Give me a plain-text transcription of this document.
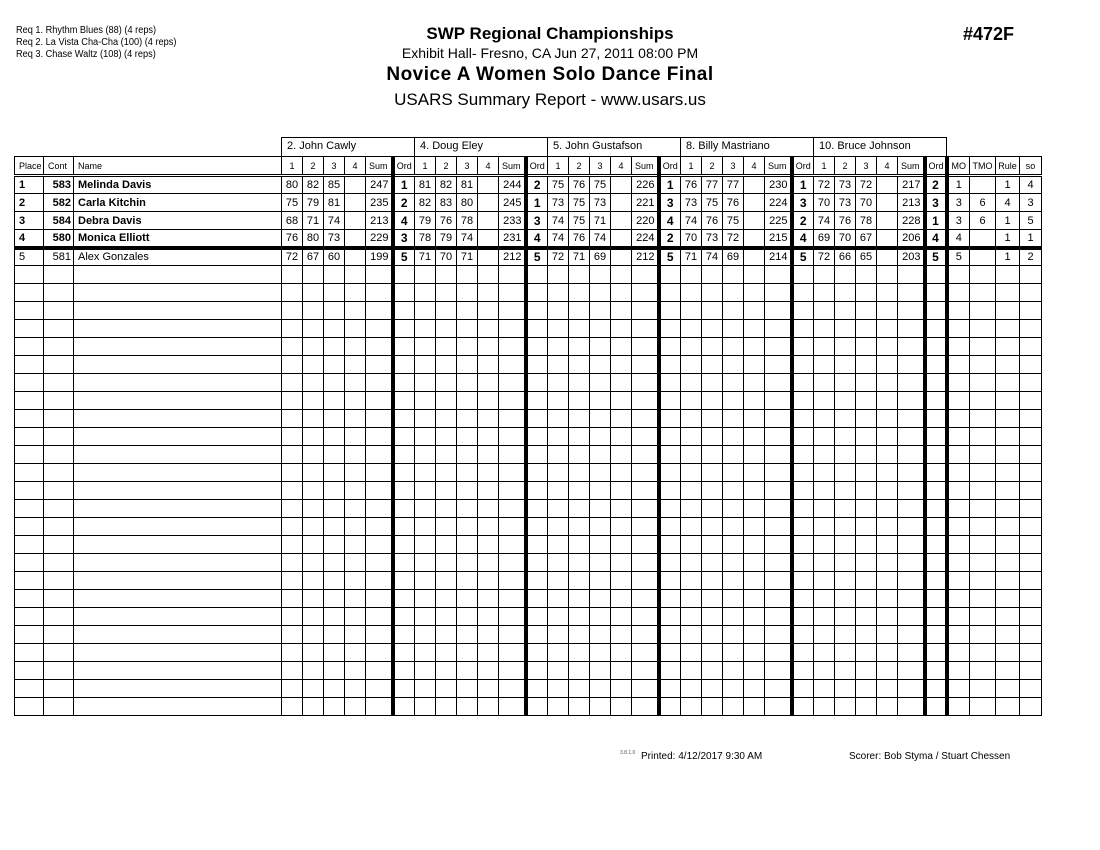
Req 1. Rhythm Blues (88) (4 reps)
Req 2. La Vista Cha-Cha (100) (4 reps)
Req 3. Chase Waltz (108) (4 reps)
SWP Regional Championships
Exhibit Hall- Fresno, CA Jun 27, 2011 08:00 PM
Novice A Women Solo Dance Final
USARS Summary Report - www.usars.us
#472F
2. John Cawly	4. Doug Eley	5. John Gustafson	8. Billy Mastriano	10. Bruce Johnson
Place	Cont	Name	1	2	3	4	Sum	Ord	1	2	3	4	Sum	Ord	1	2	3	4	Sum	Ord	1	2	3	4	Sum	Ord	1	2	3	4	Sum	Ord	MO	TMO	Rule	so
1	583	Melinda Davis	80	82	85		247	1	81	82	81		244	2	75	76	75		226	1	76	77	77		230	1	72	73	72		217	2	1		1	4
2	582	Carla Kitchin	75	79	81		235	2	82	83	80		245	1	73	75	73		221	3	73	75	76		224	3	70	73	70		213	3	3	6	4	3
3	584	Debra Davis	68	71	74		213	4	79	76	78		233	3	74	75	71		220	4	74	76	75		225	2	74	76	78		228	1	3	6	1	5
4	580	Monica Elliott	76	80	73		229	3	78	79	74		231	4	74	76	74		224	2	70	73	72		215	4	69	70	67		206	4	4		1	1
5	581	Alex Gonzales	72	67	60		199	5	71	70	71		212	5	72	71	69		212	5	71	74	69		214	5	72	66	65		203	5	5		1	2

3.8.1.0 Printed: 4/12/2017 9:30 AM	Scorer: Bob Styma / Stuart Chessen
